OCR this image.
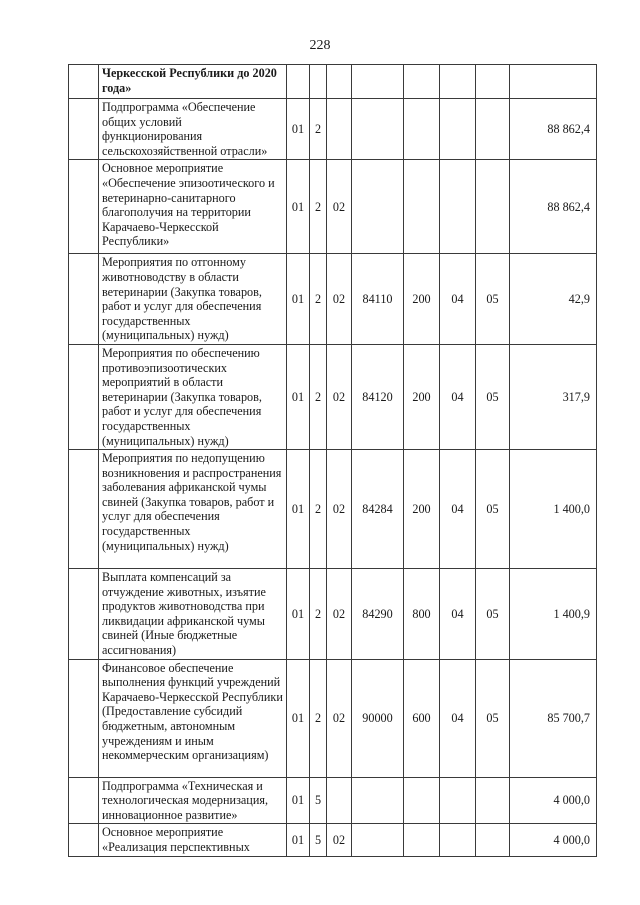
228
	Черкесской Республики до 2020 года»								
	Подпрограмма «Обеспечение общих условий функционирования сельскохозяйственной отрасли»	01	2						88 862,4
	Основное мероприятие «Обеспечение эпизоотического и ветеринарно-санитарного благополучия на территории Карачаево-Черкесской Республики»	01	2	02					88 862,4
	Мероприятия по отгонному животноводству в области ветеринарии (Закупка товаров, работ и услуг для обеспечения государственных (муниципальных) нужд)	01	2	02	84110	200	04	05	42,9
	Мероприятия по обеспечению противоэпизоотических мероприятий в области ветеринарии (Закупка товаров, работ и услуг для обеспечения государственных (муниципальных) нужд)	01	2	02	84120	200	04	05	317,9
	Мероприятия по недопущению возникновения и распространения заболевания африканской чумы свиней (Закупка товаров, работ и услуг для обеспечения государственных (муниципальных) нужд)	01	2	02	84284	200	04	05	1 400,0
	Выплата компенсаций за отчуждение животных, изъятие продуктов животноводства при ликвидации африканской чумы свиней (Иные бюджетные ассигнования)	01	2	02	84290	800	04	05	1 400,9
	Финансовое обеспечение выполнения функций учреждений Карачаево-Черкесской Республики (Предоставление субсидий бюджетным, автономным учреждениям и иным некоммерческим организациям)	01	2	02	90000	600	04	05	85 700,7
	Подпрограмма «Техническая и технологическая модернизация, инновационное развитие»	01	5						4 000,0
	Основное мероприятие «Реализация перспективных	01	5	02					4 000,0
